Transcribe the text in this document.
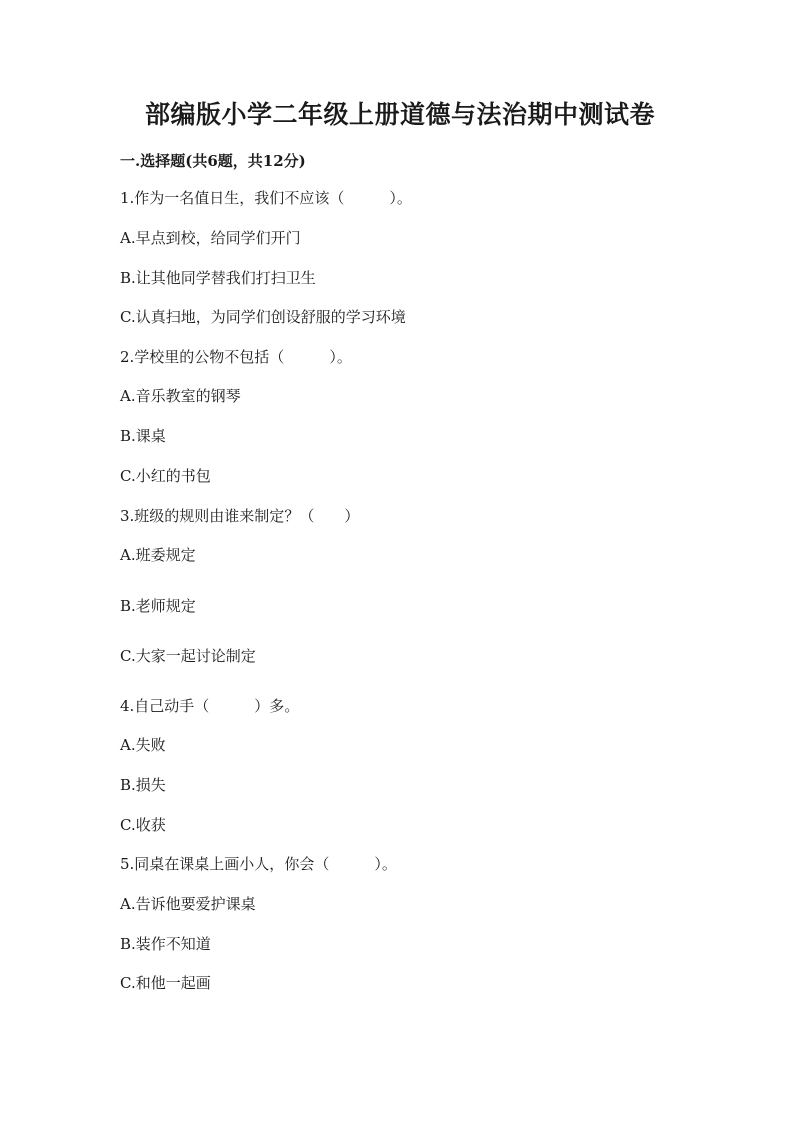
部编版小学二年级上册道德与法治期中测试卷
一.选择题(共6题，共12分)
1.作为一名值日生，我们不应该（　　　）。
A.早点到校，给同学们开门
B.让其他同学替我们打扫卫生
C.认真扫地，为同学们创设舒服的学习环境
2.学校里的公物不包括（　　　）。
A.音乐教室的钢琴
B.课桌
C.小红的书包
3.班级的规则由谁来制定？（　　）
A.班委规定
B.老师规定
C.大家一起讨论制定
4.自己动手（　　　）多。
A.失败
B.损失
C.收获
5.同桌在课桌上画小人，你会（　　　）。
A.告诉他要爱护课桌
B.装作不知道
C.和他一起画
